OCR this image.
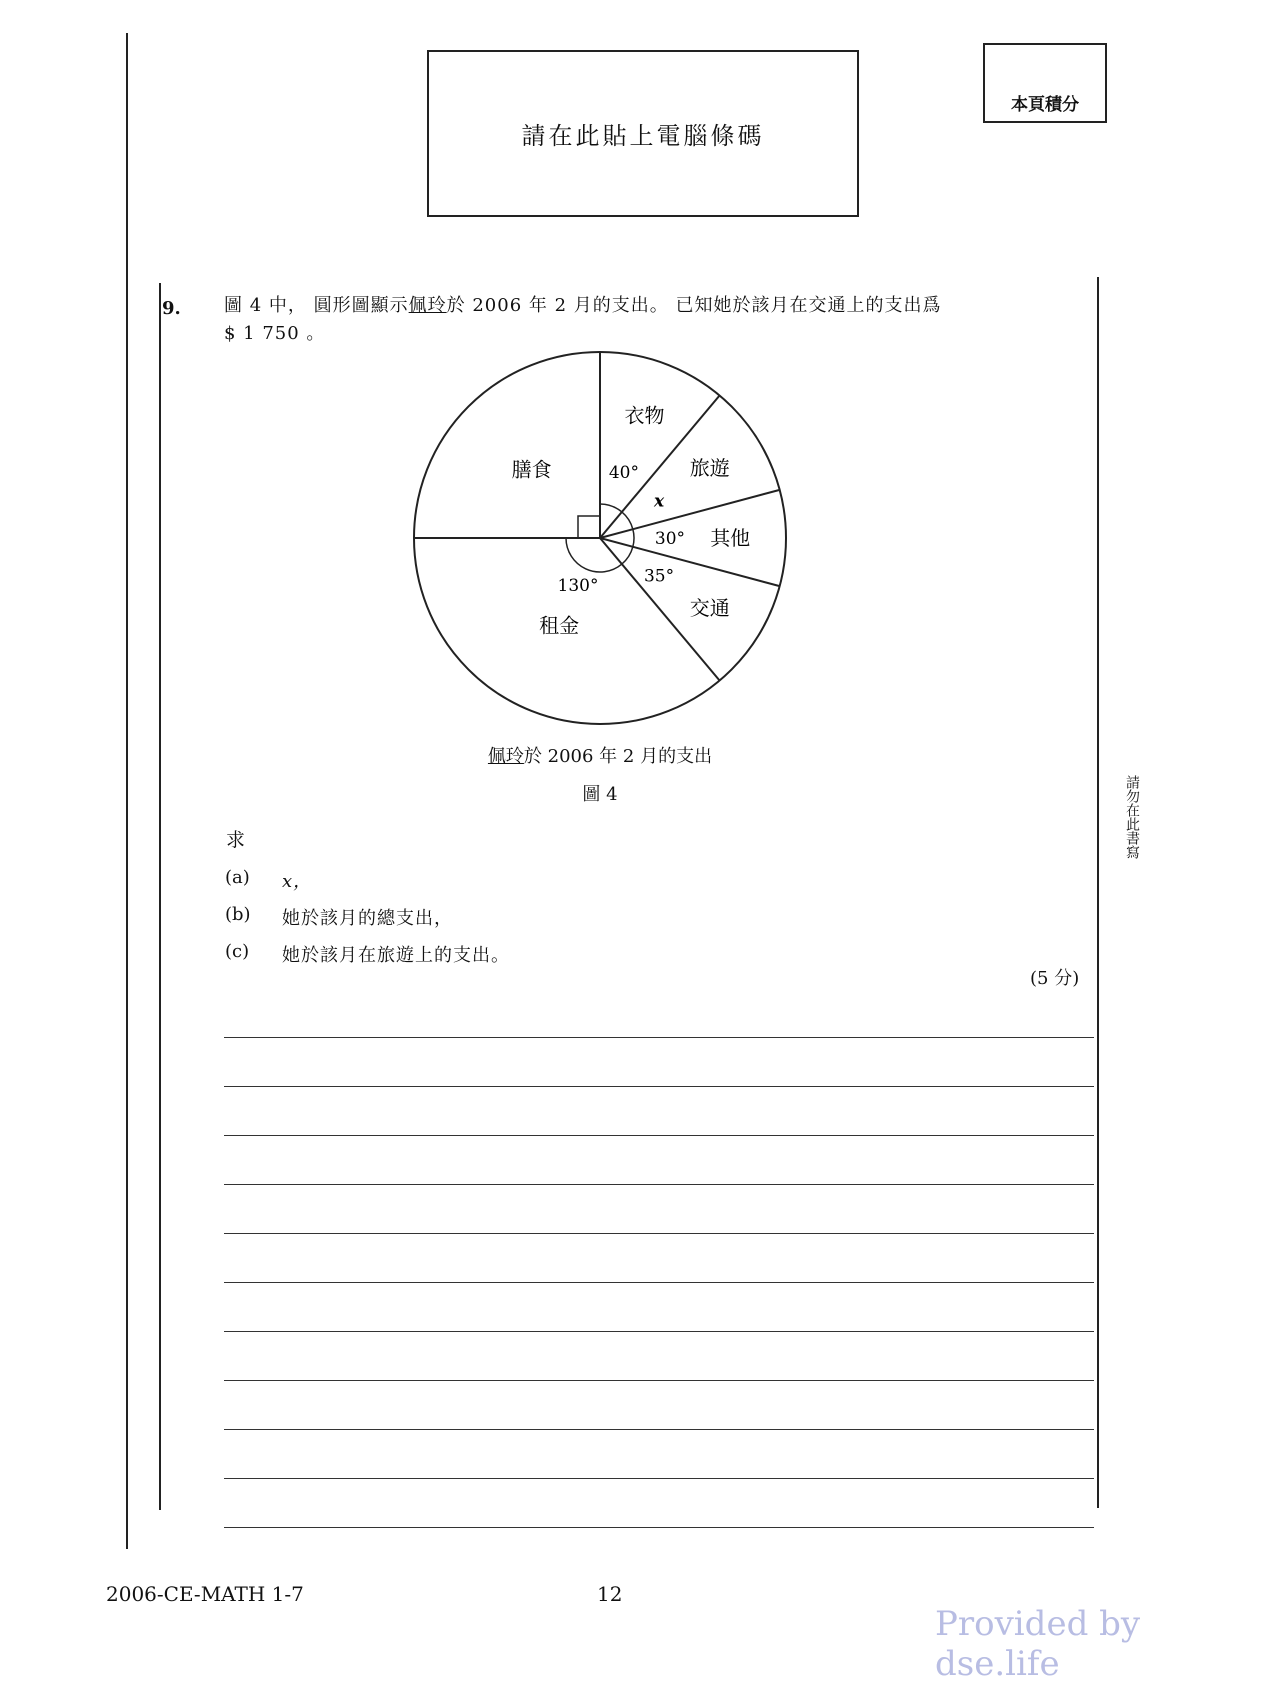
請在此貼上電腦條碼
本頁積分
9. 圖 4 中， 圓形圖顯示佩玲於 2006 年 2 月的支出。 已知她於該月在交通上的支出爲
$ 1 750 。
衣物
40°	旅遊
x
其他
30°
交通
35°
租金
130°
膳食
佩玲於 2006 年 2 月的支出
圖 4
求
(a) x，
(b) 她於該月的總支出，
(c) 她於該月在旅遊上的支出。
(5 分)
請勿在此書寫
2006-CE-MATH 1-7	12
Provided by dse.life
